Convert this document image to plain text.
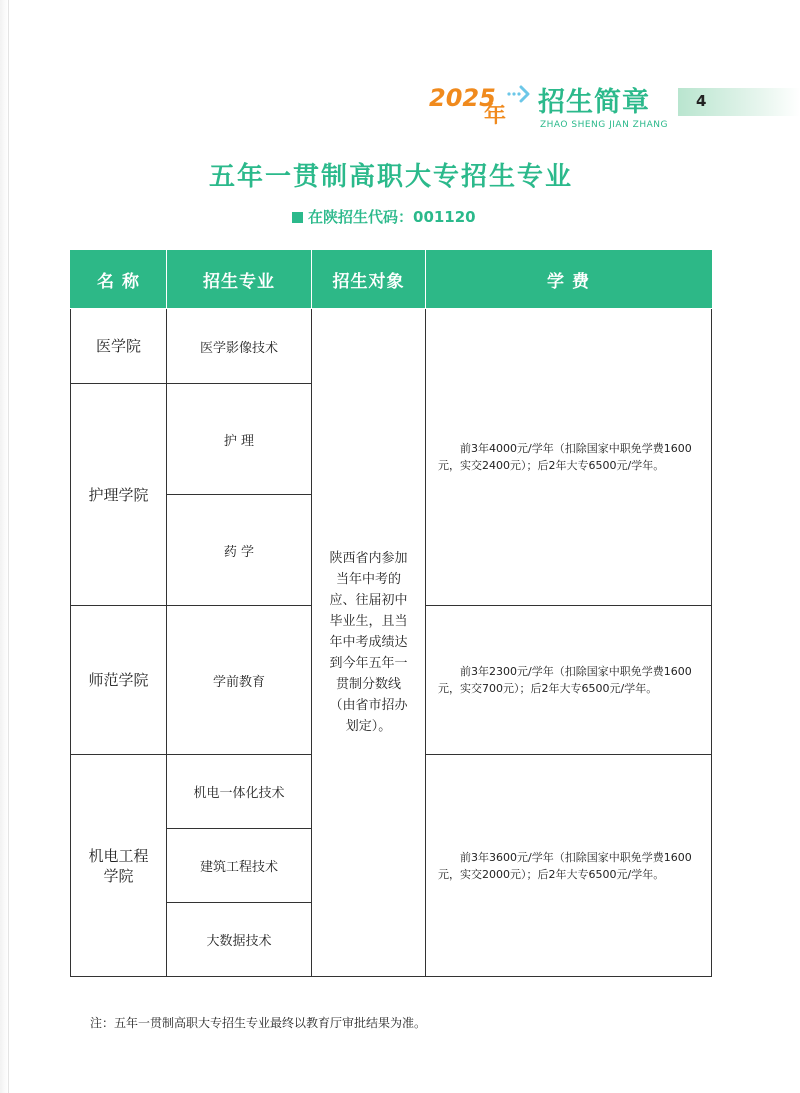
2025
年 招生简章
ZHAO SHENG JIAN ZHANG
4
五年一贯制高职大专招生专业
在陕招生代码：001120
名 称	招生专业	招生对象	学 费
医学院	医学影像技术	陕西省内参加当年中考的应、往届初中毕业生，且当年中考成绩达到今年五年一贯制分数线（由省市招办划定）。	前3年4000元/学年（扣除国家中职免学费1600元，实交2400元）；后2年大专6500元/学年。

护理学院	护 理		
	药 学		
师范学院	学前教育		前3年2300元/学年（扣除国家中职免学费1600元，实交700元）；后2年大专6500元/学年。

机电工程学院	机电一体化技术		前3年3600元/学年（扣除国家中职免学费1600元，实交2000元）；后2年大专6500元/学年。

	建筑工程技术		
	大数据技术		
注：五年一贯制高职大专招生专业最终以教育厅审批结果为准。
